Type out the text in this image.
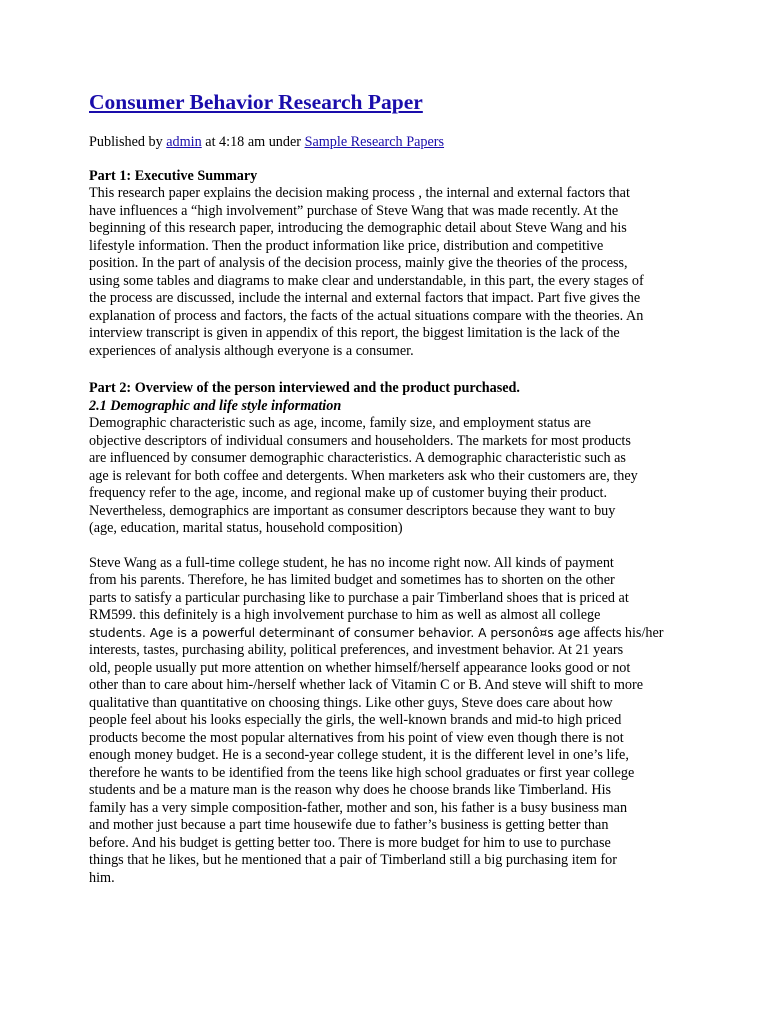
Consumer Behavior Research Paper
Published by admin at 4:18 am under Sample Research Papers
Part 1: Executive Summary

This research paper explains the decision making process , the internal and external factors that
have influences a “high involvement” purchase of Steve Wang that was made recently. At the
beginning of this research paper, introducing the demographic detail about Steve Wang and his
lifestyle information. Then the product information like price, distribution and competitive
position. In the part of analysis of the decision process, mainly give the theories of the process,
using some tables and diagrams to make clear and understandable, in this part, the every stages of
the process are discussed, include the internal and external factors that impact. Part five gives the
explanation of process and factors, the facts of the actual situations compare with the theories. An
interview transcript is given in appendix of this report, the biggest limitation is the lack of the
experiences of analysis although everyone is a consumer.

Part 2: Overview of the person interviewed and the product purchased.
2.1 Demographic and life style information

Demographic characteristic such as age, income, family size, and employment status are
objective descriptors of individual consumers and householders. The markets for most products
are influenced by consumer demographic characteristics. A demographic characteristic such as
age is relevant for both coffee and detergents. When marketers ask who their customers are, they
frequency refer to the age, income, and regional make up of customer buying their product.
Nevertheless, demographics are important as consumer descriptors because they want to buy
(age, education, marital status, household composition)

Steve Wang as a full-time college student, he has no income right now. All kinds of payment
from his parents. Therefore, he has limited budget and sometimes has to shorten on the other
parts to satisfy a particular purchasing like to purchase a pair Timberland shoes that is priced at
RM599. this definitely is a high involvement purchase to him as well as almost all college
students. Age is a powerful determinant of consumer behavior. A personô¤s age affects his/her
interests, tastes, purchasing ability, political preferences, and investment behavior. At 21 years
old, people usually put more attention on whether himself/herself appearance looks good or not
other than to care about him-/herself whether lack of Vitamin C or B. And steve will shift to more
qualitative than quantitative on choosing things. Like other guys, Steve does care about how
people feel about his looks especially the girls, the well-known brands and mid-to high priced
products become the most popular alternatives from his point of view even though there is not
enough money budget. He is a second-year college student, it is the different level in one’s life,
therefore he wants to be identified from the teens like high school graduates or first year college
students and be a mature man is the reason why does he choose brands like Timberland. His
family has a very simple composition-father, mother and son, his father is a busy business man
and mother just because a part time housewife due to father’s business is getting better than
before. And his budget is getting better too. There is more budget for him to use to purchase
things that he likes, but he mentioned that a pair of Timberland still a big purchasing item for
him.
